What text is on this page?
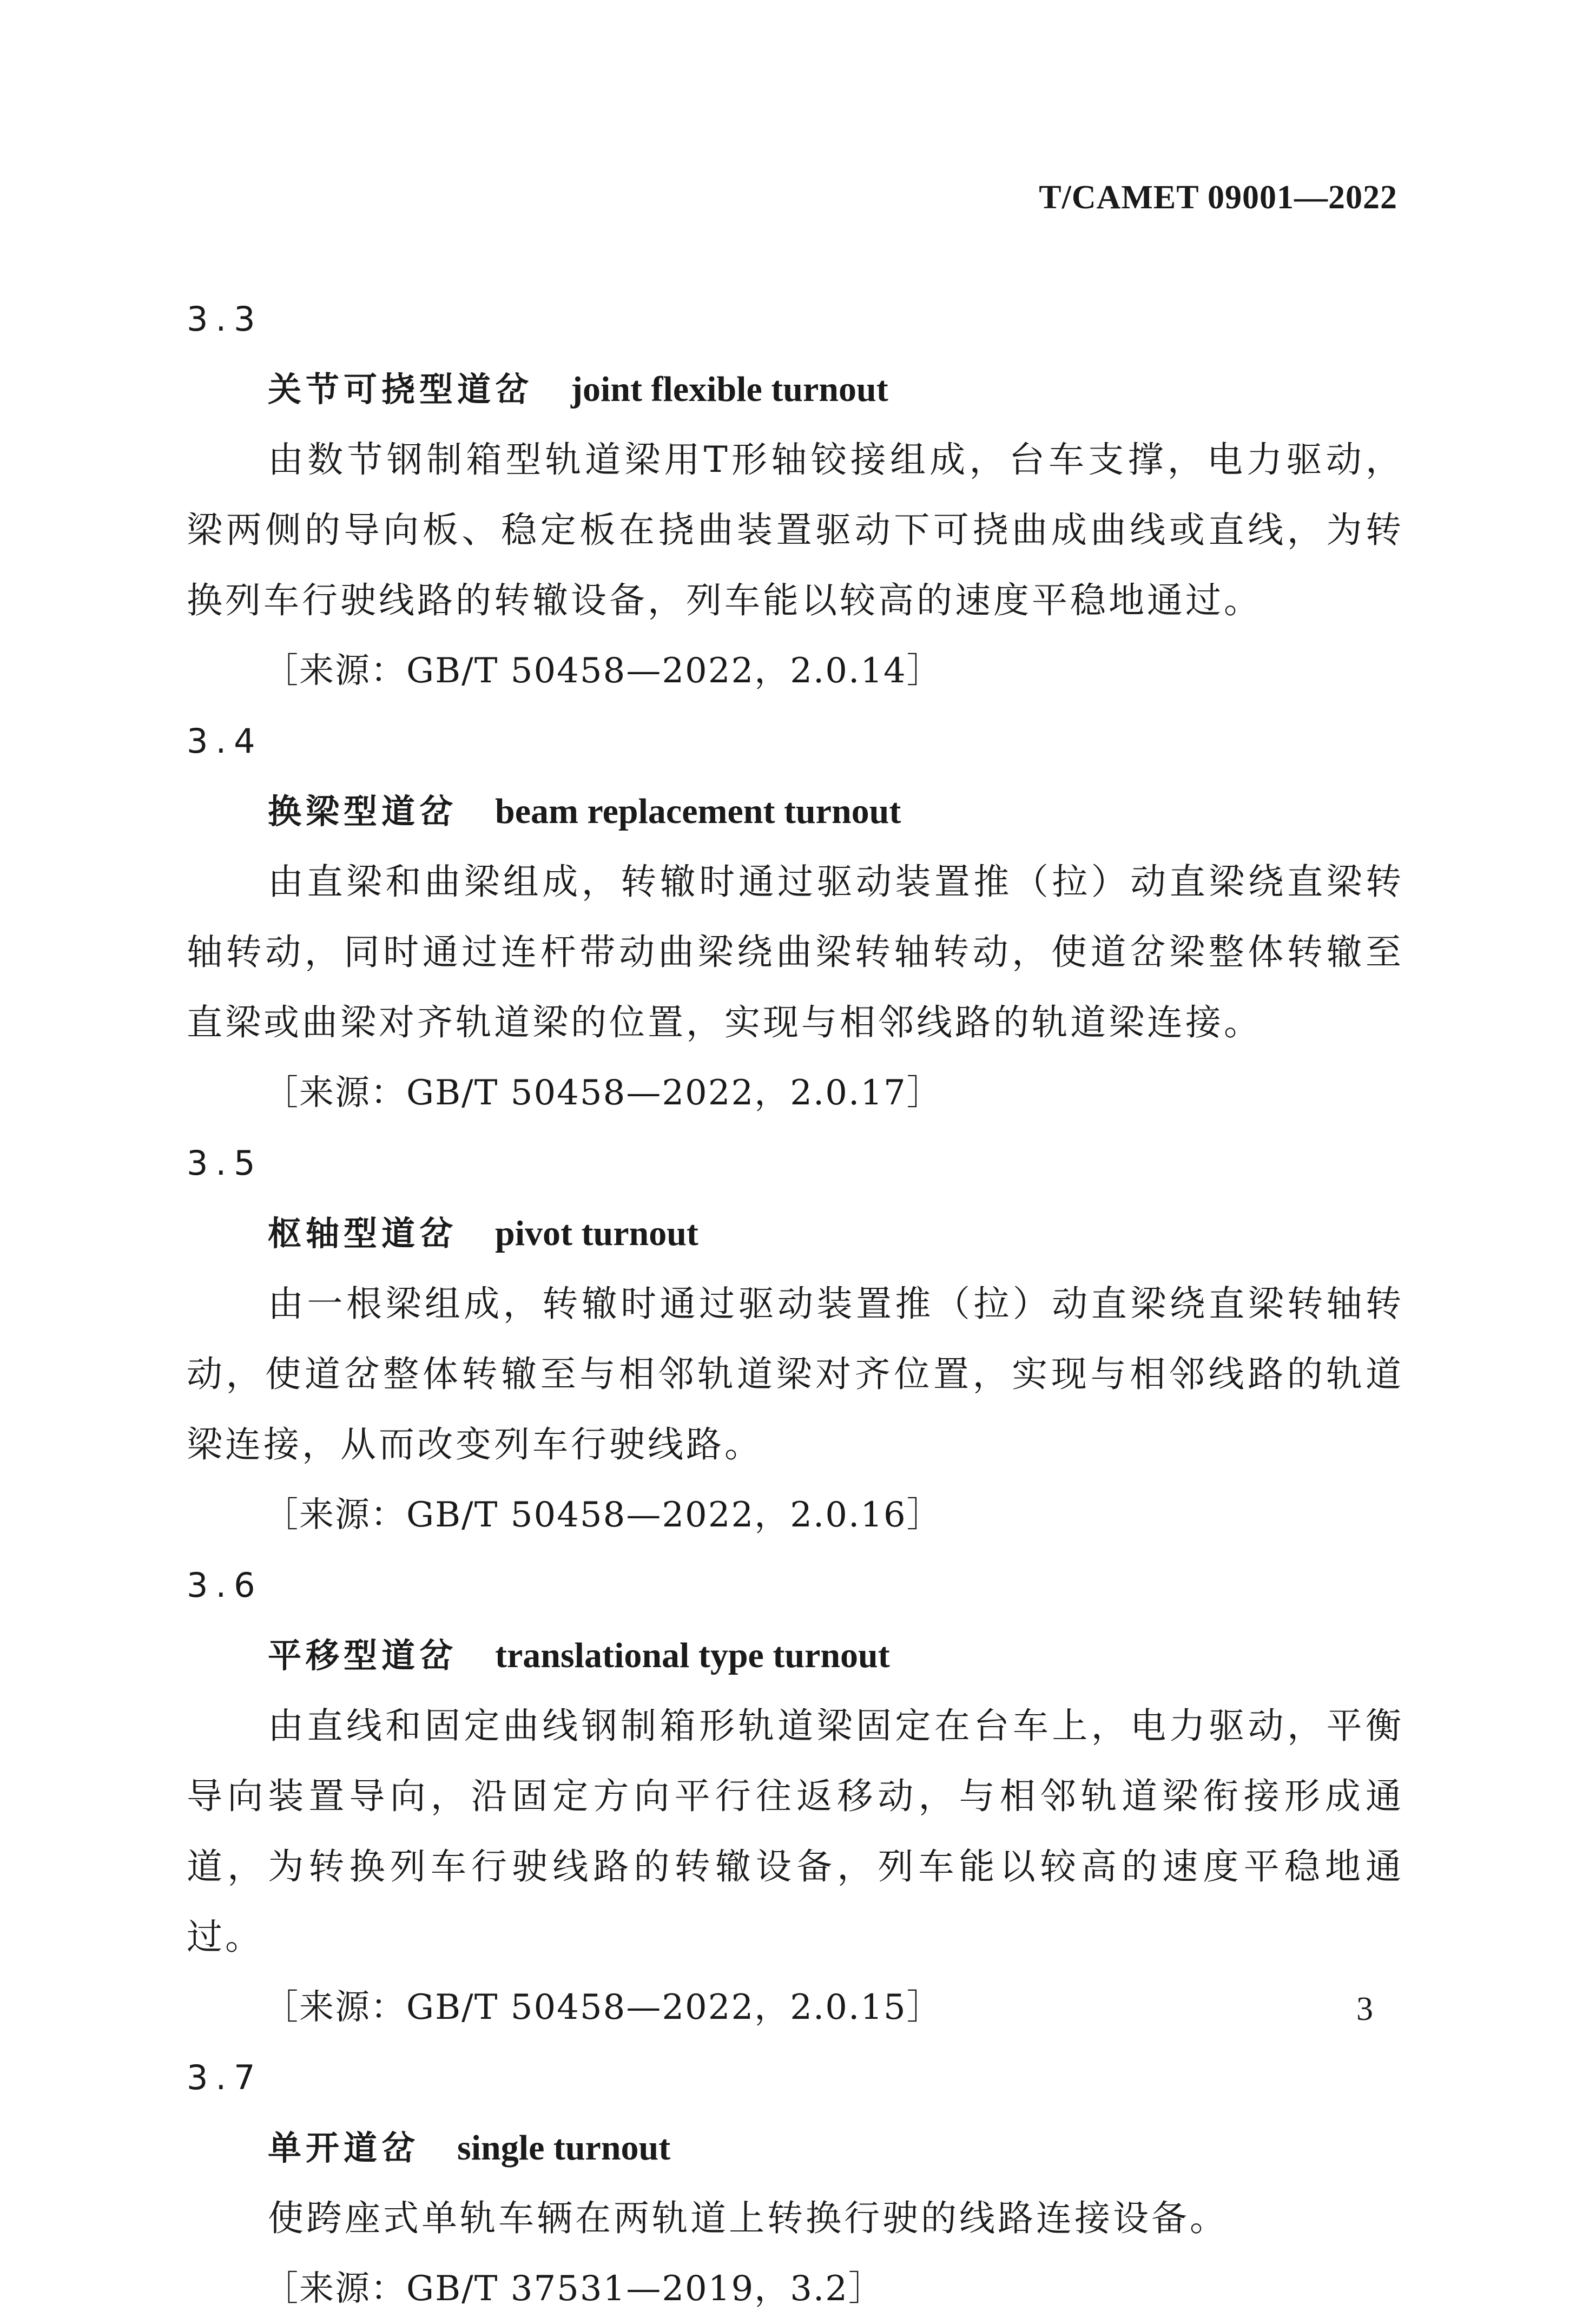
T/CAMET 09001—2022
3.3
关节可挠型道岔 joint flexible turnout

由数节钢制箱型轨道梁用T形轴铰接组成，台车支撑，电力驱动，梁两侧的导向板、稳定板在挠曲装置驱动下可挠曲成曲线或直线，为转换列车行驶线路的转辙设备，列车能以较高的速度平稳地通过。

［来源：GB/T 50458—2022，2.0.14］
3.4
换梁型道岔 beam replacement turnout

由直梁和曲梁组成，转辙时通过驱动装置推（拉）动直梁绕直梁转轴转动，同时通过连杆带动曲梁绕曲梁转轴转动，使道岔梁整体转辙至直梁或曲梁对齐轨道梁的位置，实现与相邻线路的轨道梁连接。

［来源：GB/T 50458—2022，2.0.17］
3.5
枢轴型道岔 pivot turnout

由一根梁组成，转辙时通过驱动装置推（拉）动直梁绕直梁转轴转动，使道岔整体转辙至与相邻轨道梁对齐位置，实现与相邻线路的轨道梁连接，从而改变列车行驶线路。

［来源：GB/T 50458—2022，2.0.16］
3.6
平移型道岔 translational type turnout

由直线和固定曲线钢制箱形轨道梁固定在台车上，电力驱动，平衡导向装置导向，沿固定方向平行往返移动，与相邻轨道梁衔接形成通道，为转换列车行驶线路的转辙设备，列车能以较高的速度平稳地通过。

［来源：GB/T 50458—2022，2.0.15］
3.7
单开道岔 single turnout

使跨座式单轨车辆在两轨道上转换行驶的线路连接设备。

［来源：GB/T 37531—2019，3.2］
3
